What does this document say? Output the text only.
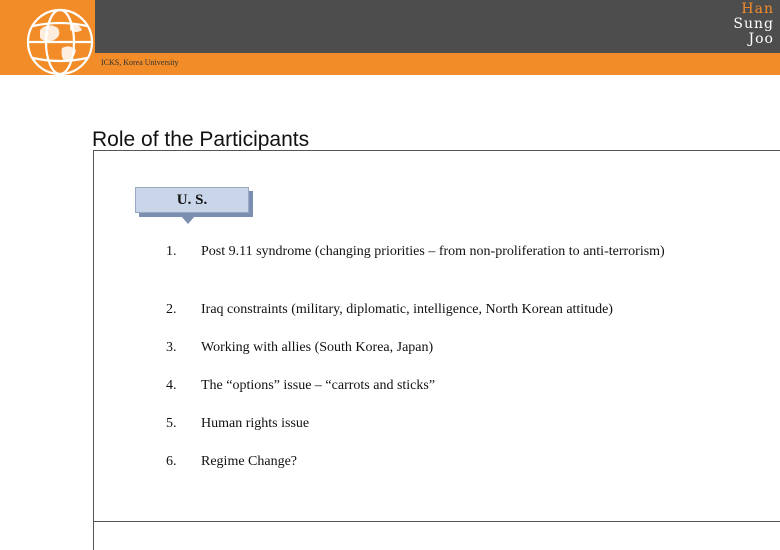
ICKS, Korea University
Han
Sung
Joo
Role of the Participants
U. S.
1.	Post 9.11 syndrome (changing priorities – from non-proliferation to anti-terrorism)
2.	Iraq constraints (military, diplomatic, intelligence, North Korean attitude)
3.	Working with allies (South Korea, Japan)
4.	The “options” issue – “carrots and sticks”
5.	Human rights issue
6.	Regime Change?
